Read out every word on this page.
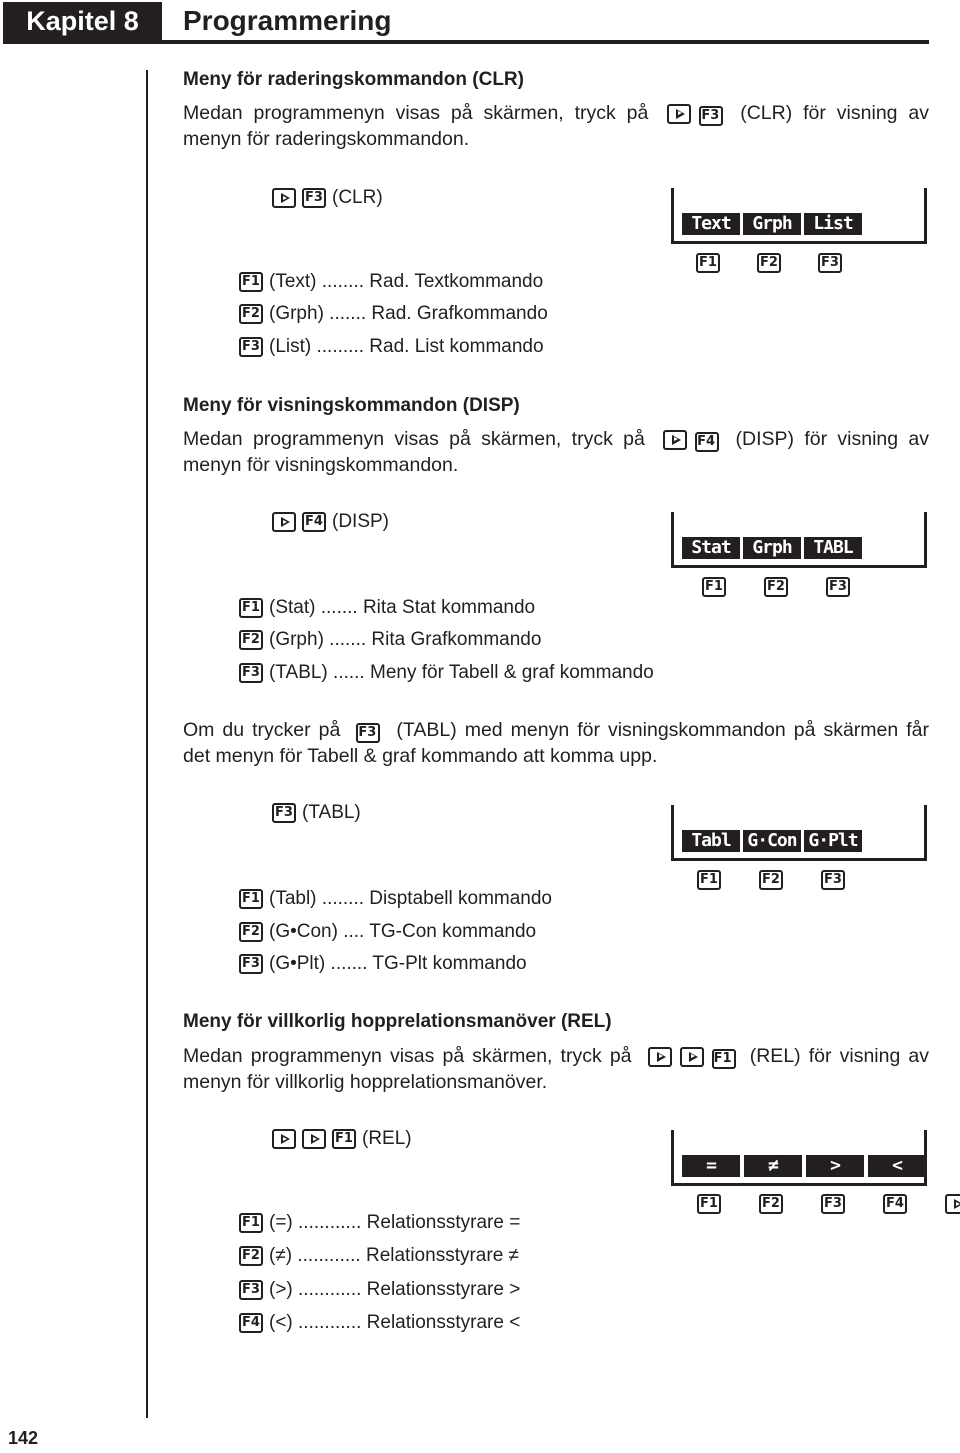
Kapitel 8	Programmering
142
Meny för raderingskommandon (CLR)
Medan programmenyn visas på skärmen, tryck på	F3 (CLR) för visning av menyn för raderingskommandon.
F3 (CLR)
F1 (Text) ........ Rad. Textkommando
F2 (Grph) ....... Rad. Grafkommando
F3 (List) ......... Rad. List kommando
Text	Grph	List
F1	F2	F3
Meny för visningskommandon (DISP)
Medan programmenyn visas på skärmen, tryck på	F4 (DISP) för visning av menyn för visningskommandon.
F4 (DISP)
F1 (Stat) ....... Rita Stat kommando
F2 (Grph) ....... Rita Grafkommando
F3 (TABL) ...... Meny för Tabell & graf kommando
Stat	Grph	TABL
F1	F2	F3
Om du trycker på F3 (TABL) med menyn för visningskommandon på skärmen får det menyn för Tabell & graf kommando att komma upp.
F3 (TABL)
F1 (Tabl) ........ Disptabell kommando
F2 (G•Con) .... TG-Con kommando
F3 (G•Plt) ....... TG-Plt kommando
Tabl G·Con G·Plt
F1	F2	F3
Meny för villkorlig hopprelationsmanöver (REL)
Medan programmenyn visas på skärmen, tryck på	F1 (REL) för visning av menyn för villkorlig hopprelationsmanöver.
F1 (REL)
F1 (=) ............ Relationsstyrare =
F2 (≠) ............ Relationsstyrare ≠
F3 (>) ............ Relationsstyrare >
F4 (<) ............ Relationsstyrare <
=	≠	>	<
F1	F2	F3	F4
